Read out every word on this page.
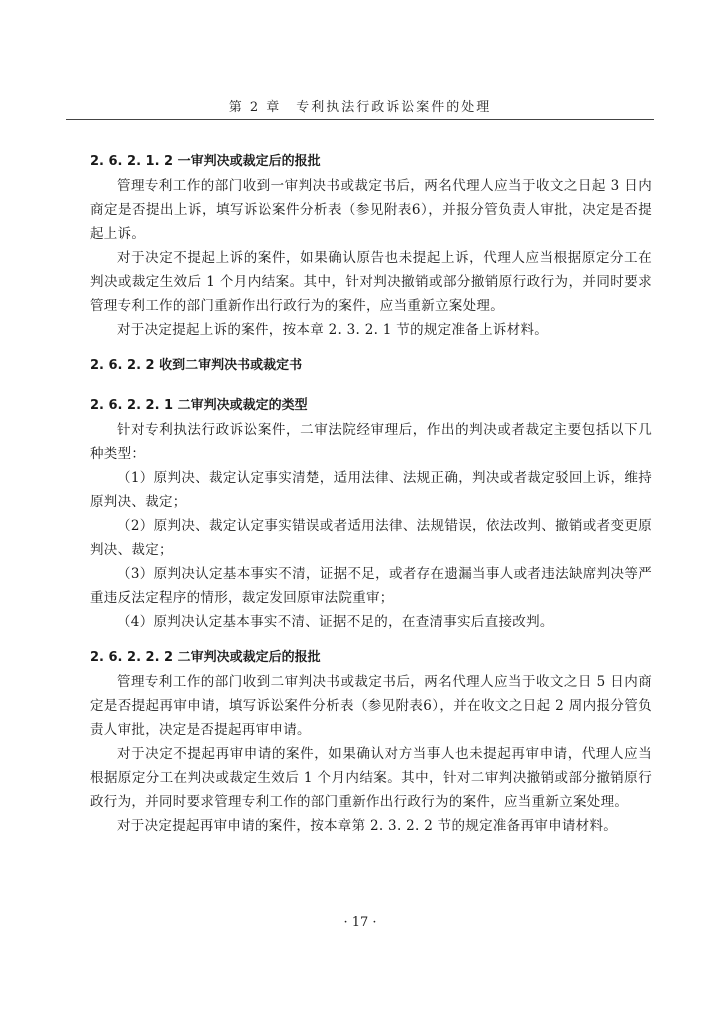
第 2 章　专利执法行政诉讼案件的处理
2. 6. 2. 1. 2 一审判决或裁定后的报批

管理专利工作的部门收到一审判决书或裁定书后，两名代理人应当于收文之日起 3 日内商定是否提出上诉，填写诉讼案件分析表（参见附表6），并报分管负责人审批，决定是否提起上诉。

对于决定不提起上诉的案件，如果确认原告也未提起上诉，代理人应当根据原定分工在判决或裁定生效后 1 个月内结案。其中，针对判决撤销或部分撤销原行政行为，并同时要求管理专利工作的部门重新作出行政行为的案件，应当重新立案处理。

对于决定提起上诉的案件，按本章 2. 3. 2. 1 节的规定准备上诉材料。

2. 6. 2. 2 收到二审判决书或裁定书
2. 6. 2. 2. 1 二审判决或裁定的类型

针对专利执法行政诉讼案件，二审法院经审理后，作出的判决或者裁定主要包括以下几种类型：

（1）原判决、裁定认定事实清楚，适用法律、法规正确，判决或者裁定驳回上诉，维持原判决、裁定；

（2）原判决、裁定认定事实错误或者适用法律、法规错误，依法改判、撤销或者变更原判决、裁定；

（3）原判决认定基本事实不清，证据不足，或者存在遗漏当事人或者违法缺席判决等严重违反法定程序的情形，裁定发回原审法院重审；

（4）原判决认定基本事实不清、证据不足的，在查清事实后直接改判。

2. 6. 2. 2. 2 二审判决或裁定后的报批

管理专利工作的部门收到二审判决书或裁定书后，两名代理人应当于收文之日 5 日内商定是否提起再审申请，填写诉讼案件分析表（参见附表6），并在收文之日起 2 周内报分管负责人审批，决定是否提起再审申请。

对于决定不提起再审申请的案件，如果确认对方当事人也未提起再审申请，代理人应当根据原定分工在判决或裁定生效后 1 个月内结案。其中，针对二审判决撤销或部分撤销原行政行为，并同时要求管理专利工作的部门重新作出行政行为的案件，应当重新立案处理。

对于决定提起再审申请的案件，按本章第 2. 3. 2. 2 节的规定准备再审申请材料。

· 17 ·
